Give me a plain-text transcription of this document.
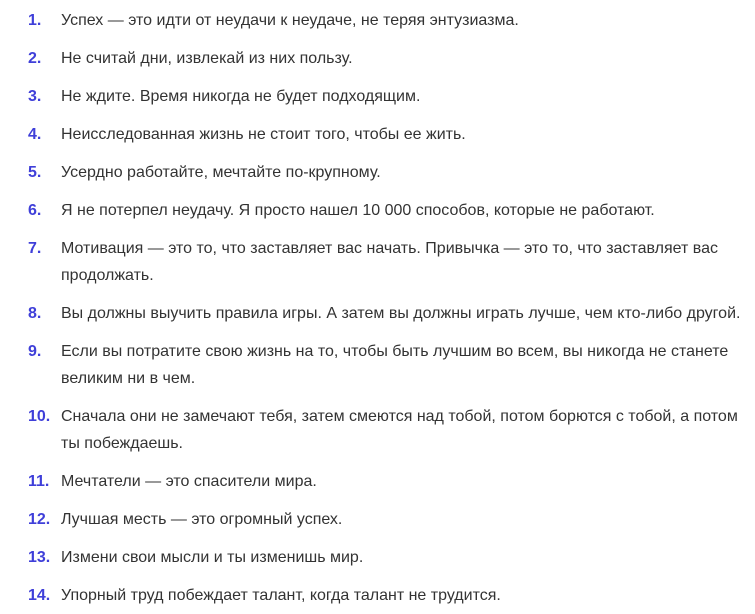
1. Успех — это идти от неудачи к неудаче, не теряя энтузиазма.
2. Не считай дни, извлекай из них пользу.
3. Не ждите. Время никогда не будет подходящим.
4. Неисследованная жизнь не стоит того, чтобы ее жить.
5. Усердно работайте, мечтайте по-крупному.
6. Я не потерпел неудачу. Я просто нашел 10 000 способов, которые не работают.
7. Мотивация — это то, что заставляет вас начать. Привычка — это то, что заставляет вас продолжать.
8. Вы должны выучить правила игры. А затем вы должны играть лучше, чем кто-либо другой.
9. Если вы потратите свою жизнь на то, чтобы быть лучшим во всем, вы никогда не станете великим ни в чем.
10. Сначала они не замечают тебя, затем смеются над тобой, потом борются с тобой, а потом ты побеждаешь.
11. Мечтатели — это спасители мира.
12. Лучшая месть — это огромный успех.
13. Измени свои мысли и ты изменишь мир.
14. Упорный труд побеждает талант, когда талант не трудится.
